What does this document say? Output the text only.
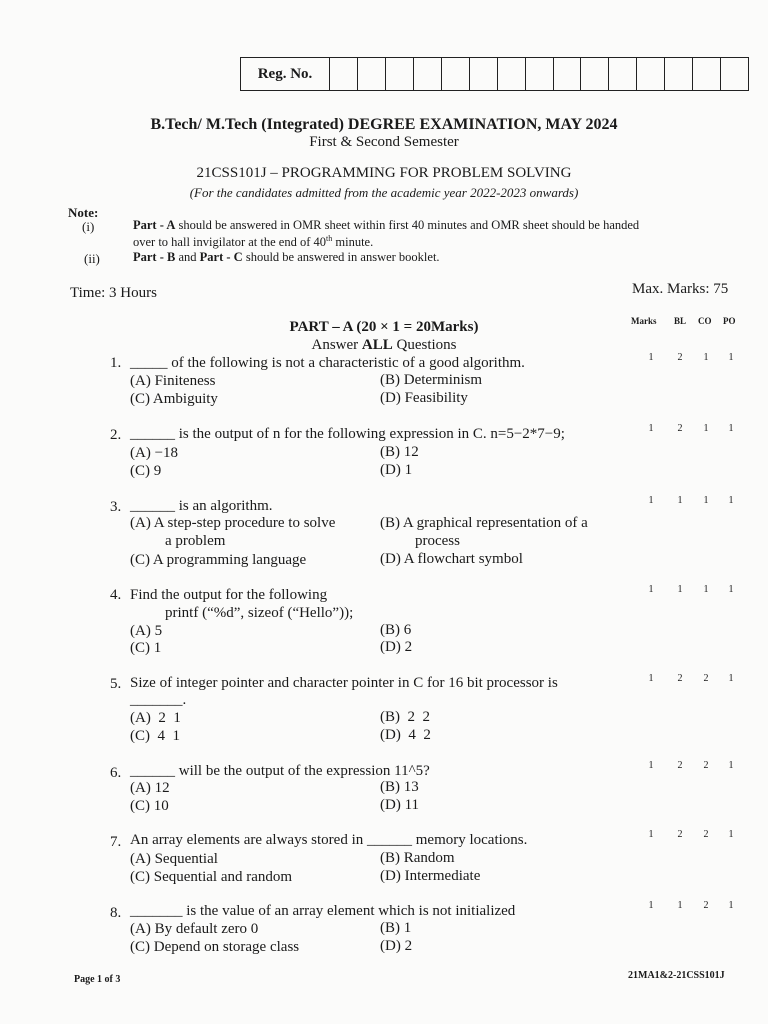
Reg. No.
B.Tech/ M.Tech (Integrated) DEGREE EXAMINATION, MAY 2024
First & Second Semester
21CSS101J – PROGRAMMING FOR PROBLEM SOLVING
(For the candidates admitted from the academic year 2022-2023 onwards)
Note:
(i)	Part - A should be answered in OMR sheet within first 40 minutes and OMR sheet should be handed
over to hall invigilator at the end of 40th minute.
(ii)	Part - B and Part - C should be answered in answer booklet.
Time: 3 Hours	Max. Marks: 75
PART – A (20 × 1 = 20Marks)
Answer ALL Questions
Marks BL CO PO
1. _____ of the following is not a characteristic of a good algorithm.
(A) Finiteness	(B) Determinism
(C) Ambiguity	(D) Feasibility
1	2	1	1
2. ______ is the output of n for the following expression in C. n=5−2*7−9;
(A) −18	(B) 12
(C) 9	(D) 1
1	2	1	1
3. ______ is an algorithm.
(A) A step-step procedure to solve
a problem
(B) A graphical representation of a
process
(C) A programming language	(D) A flowchart symbol
1	1	1	1
4. Find the output for the following
printf (“%d”, sizeof (“Hello”));
(A) 5	(B) 6
(C) 1	(D) 2
1	1	1	1
5. Size of integer pointer and character pointer in C for 16 bit processor is
_______.
(A)  2  1	(B)  2  2
(C)  4  1	(D)  4  2
1	2	2	1
6. ______ will be the output of the expression 11^5?
(A) 12	(B) 13
(C) 10	(D) 11
1	2	2	1
7. An array elements are always stored in ______ memory locations.
(A) Sequential	(B) Random
(C) Sequential and random	(D) Intermediate
1	2	2	1
8. _______ is the value of an array element which is not initialized
(A) By default zero 0	(B) 1
(C) Depend on storage class	(D) 2
1	1	2	1
Page 1 of 3	21MA1&2-21CSS101J
